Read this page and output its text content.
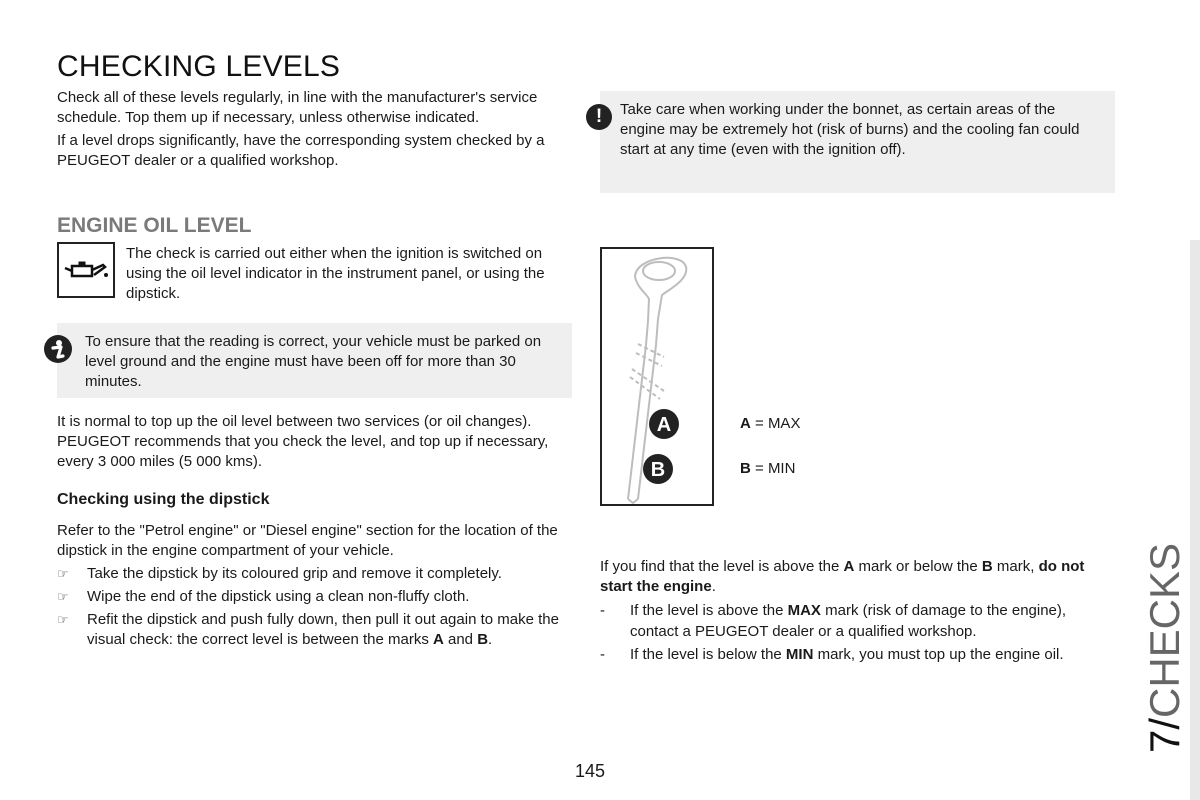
CHECKING LEVELS

Check all of these levels regularly, in line with the manufacturer's service schedule. Top them up if necessary, unless otherwise indicated.

If a level drops significantly, have the corresponding system checked by a PEUGEOT dealer or a qualified workshop.

!	Take care when working under the bonnet, as certain areas of the engine may be extremely hot (risk of burns) and the cooling fan could start at any time (even with the ignition off).

ENGINE OIL LEVEL

The check is carried out either when the ignition is switched on using the oil level indicator in the instrument panel, or using the dipstick.

To ensure that the reading is correct, your vehicle must be parked on level ground and the engine must have been off for more than 30 minutes.

It is normal to top up the oil level between two services (or oil changes). PEUGEOT recommends that you check the level, and top up if necessary, every 3 000 miles (5 000 kms).

Checking using the dipstick

Refer to the "Petrol engine" or "Diesel engine" section for the location of the dipstick in the engine compartment of your vehicle.

☞ Take the dipstick by its coloured grip and remove it completely.
☞ Wipe the end of the dipstick using a clean non-fluffy cloth.
☞ Refit the dipstick and push fully down, then pull it out again to make the visual check: the correct level is between the marks A and B.
A
B
A = MAX
B = MIN

If you find that the level is above the A mark or below the B mark, do not start the engine.

- If the level is above the MAX mark (risk of damage to the engine), contact a PEUGEOT dealer or a qualified workshop.
- If the level is below the MIN mark, you must top up the engine oil.
7/CHECKS
145
